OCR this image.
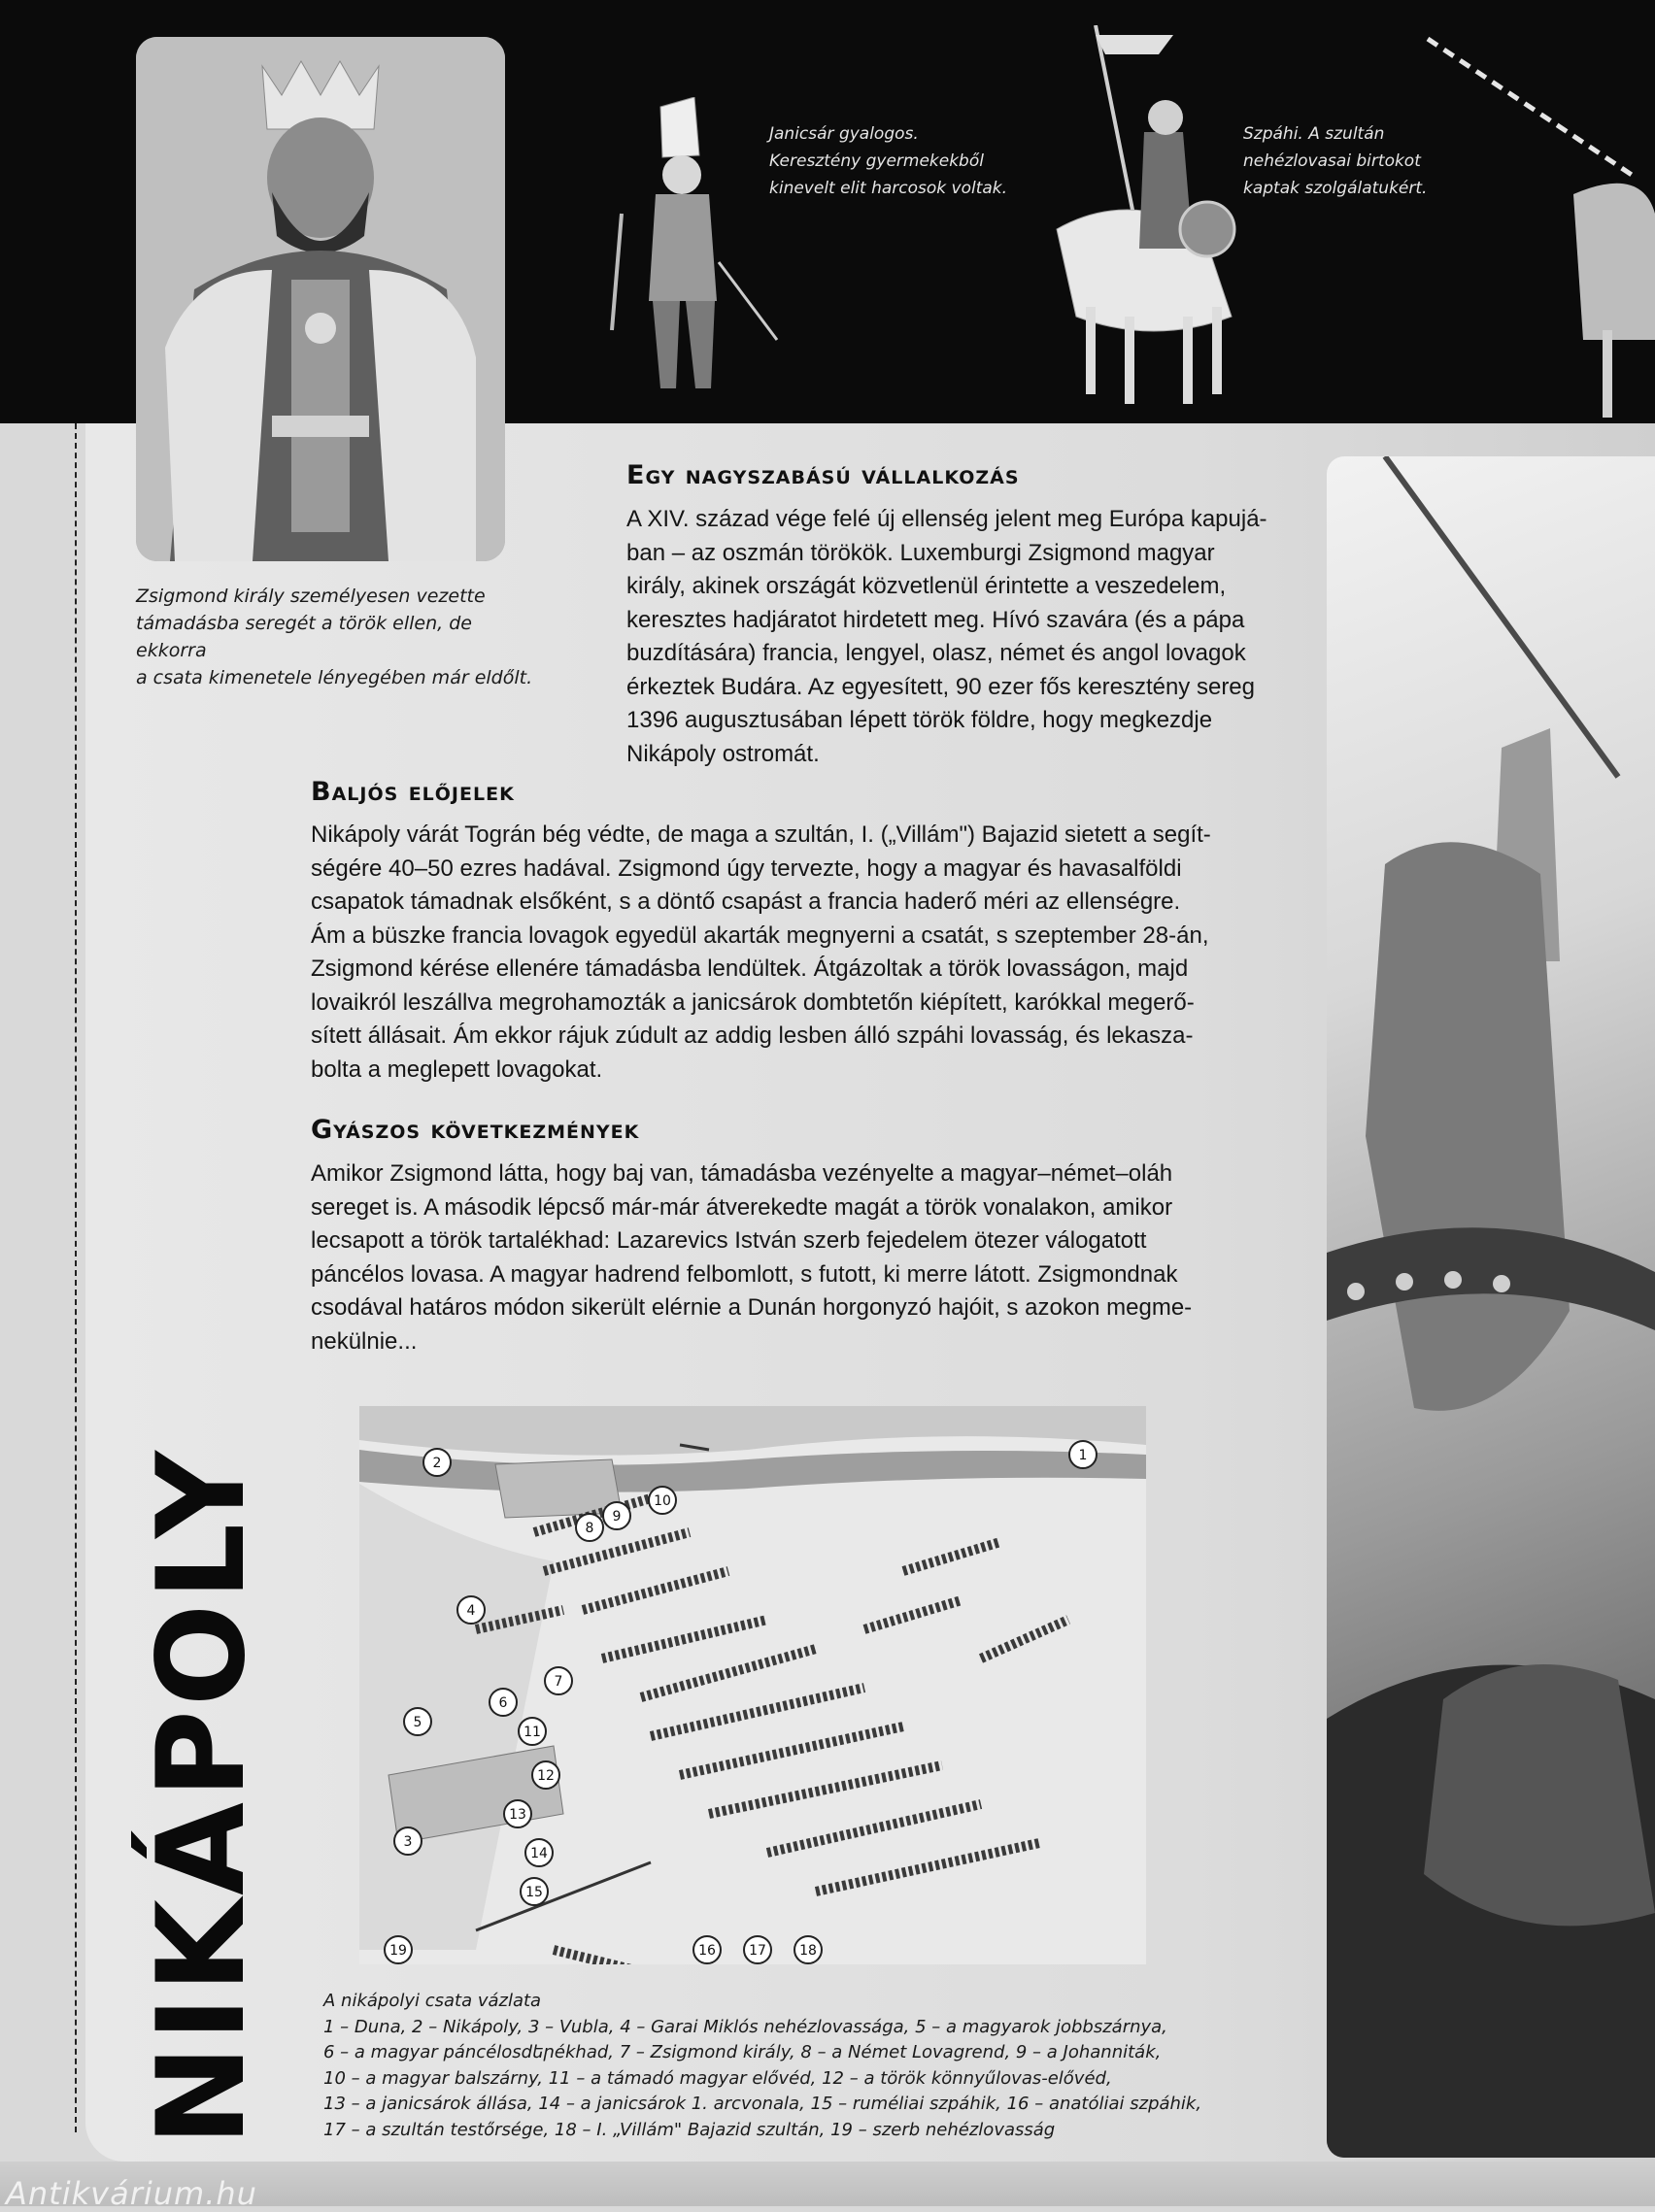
Janicsár gyalogos.
Keresztény gyermekekből
kinevelt elit harcosok voltak.
Szpáhi. A szultán
nehézlovasai birtokot
kaptak szolgálatukért.
Zsigmond király személyesen vezette
támadásba seregét a török ellen, de ekkorra
a csata kimenetele lényegében már eldőlt.
Egy nagyszabású vállalkozás
A XIV. század vége felé új ellenség jelent meg Európa kapujá-
ban – az oszmán törökök. Luxemburgi Zsigmond magyar
király, akinek országát közvetlenül érintette a veszedelem,
keresztes hadjáratot hirdetett meg. Hívó szavára (és a pápa
buzdítására) francia, lengyel, olasz, német és angol lovagok
érkeztek Budára. Az egyesített, 90 ezer fős keresztény sereg
1396 augusztusában lépett török földre, hogy megkezdje
Nikápoly ostromát.
Baljós előjelek
Nikápoly várát Tográn bég védte, de maga a szultán, I. („Villám") Bajazid sietett a segít-
ségére 40–50 ezres hadával. Zsigmond úgy tervezte, hogy a magyar és havasalföldi
csapatok támadnak elsőként, s a döntő csapást a francia haderő méri az ellenségre.
Ám a büszke francia lovagok egyedül akarták megnyerni a csatát, s szeptember 28-án,
Zsigmond kérése ellenére támadásba lendültek. Átgázoltak a török lovasságon, majd
lovaikról leszállva megrohamozták a janicsárok dombtetőn kiépített, karókkal megerő-
sített állásait. Ám ekkor rájuk zúdult az addig lesben álló szpáhi lovasság, és lekasza-
bolta a meglepett lovagokat.
Gyászos következmények
Amikor Zsigmond látta, hogy baj van, támadásba vezényelte a magyar–német–oláh
sereget is. A második lépcső már-már átverekedte magát a török vonalakon, amikor
lecsapott a török tartalékhad: Lazarevics István szerb fejedelem ötezer válogatott
páncélos lovasa. A magyar hadrend felbomlott, s futott, ki merre látott. Zsigmondnak
csodával határos módon sikerült elérnie a Dunán horgonyzó hajóit, s azokon megme-
nekülnie...
1
2
3
4
5
6
7
8
9
10
11
12
13
14
15
16 17 18
19
A nikápolyi csata vázlata
1 – Duna, 2 – Nikápoly, 3 – Vubla, 4 – Garai Miklós nehézlovassága, 5 – a magyarok jobbszárnya,
6 – a magyar páncélosdերékhad, 7 – Zsigmond király, 8 – a Német Lovagrend, 9 – a Johanniták,
10 – a magyar balszárny, 11 – a támadó magyar elővéd, 12 – a török könnyűlovas-elővéd,
13 – a janicsárok állása, 14 – a janicsárok 1. arcvonala, 15 – ruméliai szpáhik, 16 – anatóliai szpáhik,
17 – a szultán testőrsége, 18 – I. „Villám" Bajazid szultán, 19 – szerb nehézlovasság
NIKÁPOLY
Antikvárium.hu
